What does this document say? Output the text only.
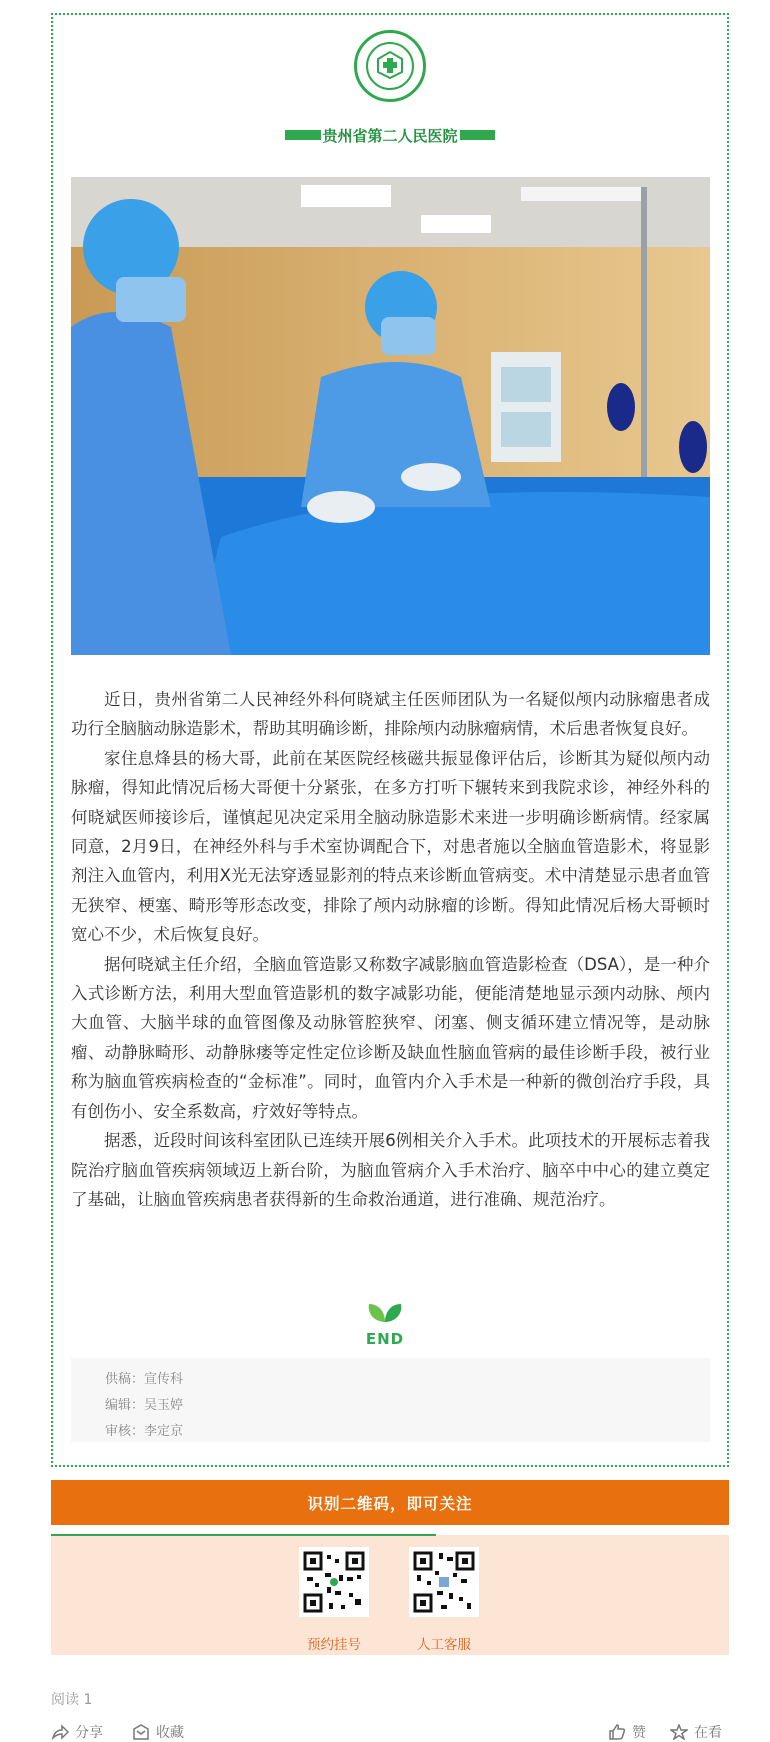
贵州省第二人民医院

近日，贵州省第二人民神经外科何晓斌主任医师团队为一名疑似颅内动脉瘤患者成功行全脑脑动脉造影术，帮助其明确诊断，排除颅内动脉瘤病情，术后患者恢复良好。

家住息烽县的杨大哥，此前在某医院经核磁共振显像评估后，诊断其为疑似颅内动脉瘤，得知此情况后杨大哥便十分紧张，在多方打听下辗转来到我院求诊，神经外科的何晓斌医师接诊后，谨慎起见决定采用全脑动脉造影术来进一步明确诊断病情。经家属同意，2月9日，在神经外科与手术室协调配合下，对患者施以全脑血管造影术，将显影剂注入血管内，利用X光无法穿透显影剂的特点来诊断血管病变。术中清楚显示患者血管无狭窄、梗塞、畸形等形态改变，排除了颅内动脉瘤的诊断。得知此情况后杨大哥顿时宽心不少，术后恢复良好。

据何晓斌主任介绍，全脑血管造影又称数字减影脑血管造影检查（DSA），是一种介入式诊断方法，利用大型血管造影机的数字减影功能，便能清楚地显示颈内动脉、颅内大血管、大脑半球的血管图像及动脉管腔狭窄、闭塞、侧支循环建立情况等，是动脉瘤、动静脉畸形、动静脉瘘等定性定位诊断及缺血性脑血管病的最佳诊断手段，被行业称为脑血管疾病检查的“金标准”。同时，血管内介入手术是一种新的微创治疗手段，具有创伤小、安全系数高，疗效好等特点。

据悉，近段时间该科室团队已连续开展6例相关介入手术。此项技术的开展标志着我院治疗脑血管疾病领域迈上新台阶，为脑血管病介入手术治疗、脑卒中中心的建立奠定了基础，让脑血管疾病患者获得新的生命救治通道，进行准确、规范治疗。

END
供稿：宣传科
编辑：吴玉婷
审核：李定京
识别二维码，即可关注
预约挂号	人工客服
阅读 1
分享	收藏	赞	在看
